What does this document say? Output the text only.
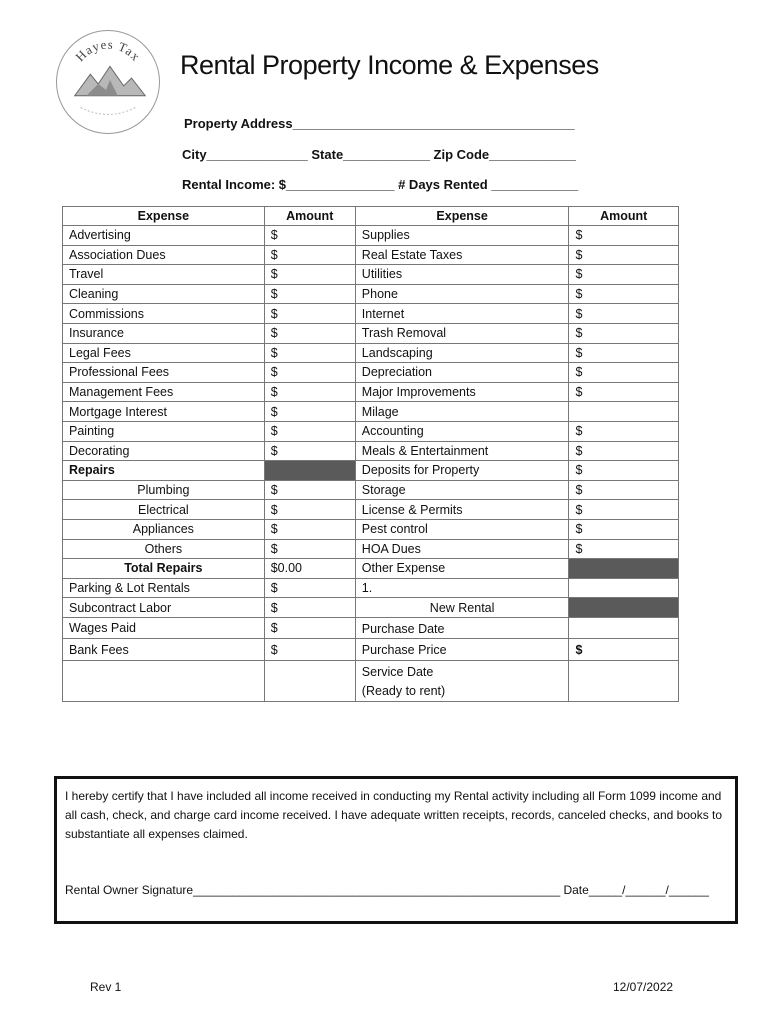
Hayes Tax Rental Property Income & Expenses
Property Address_______________________________________
City______________ State____________ Zip Code____________
Rental Income: $_______________ # Days Rented ____________
Expense	Amount	Expense	Amount
Advertising	$	Supplies	$
Association Dues	$	Real Estate Taxes	$
Travel	$	Utilities	$
Cleaning	$	Phone	$
Commissions	$	Internet	$
Insurance	$	Trash Removal	$
Legal Fees	$	Landscaping	$
Professional Fees	$	Depreciation	$
Management Fees	$	Major Improvements	$
Mortgage Interest	$	Milage	
Painting	$	Accounting	$
Decorating	$	Meals & Entertainment	$
Repairs		Deposits for Property	$
Plumbing	$	Storage	$
Electrical	$	License & Permits	$
Appliances	$	Pest control	$
Others	$	HOA Dues	$
Total Repairs	$0.00	Other Expense	
Parking & Lot Rentals	$	1.	
Subcontract Labor	$	New Rental	
Wages Paid	$	Purchase Date	
Bank Fees	$	Purchase Price	$

		Service Date
(Ready to rent)	

I hereby certify that I have included all income received in conducting my Rental activity including all Form 1099 income and all cash, check, and charge card income received. I have adequate written receipts, records, canceled checks, and books to substantiate all expenses claimed.
Rental Owner Signature_______________________________________________________ Date_____/______/______
Rev 1	12/07/2022
